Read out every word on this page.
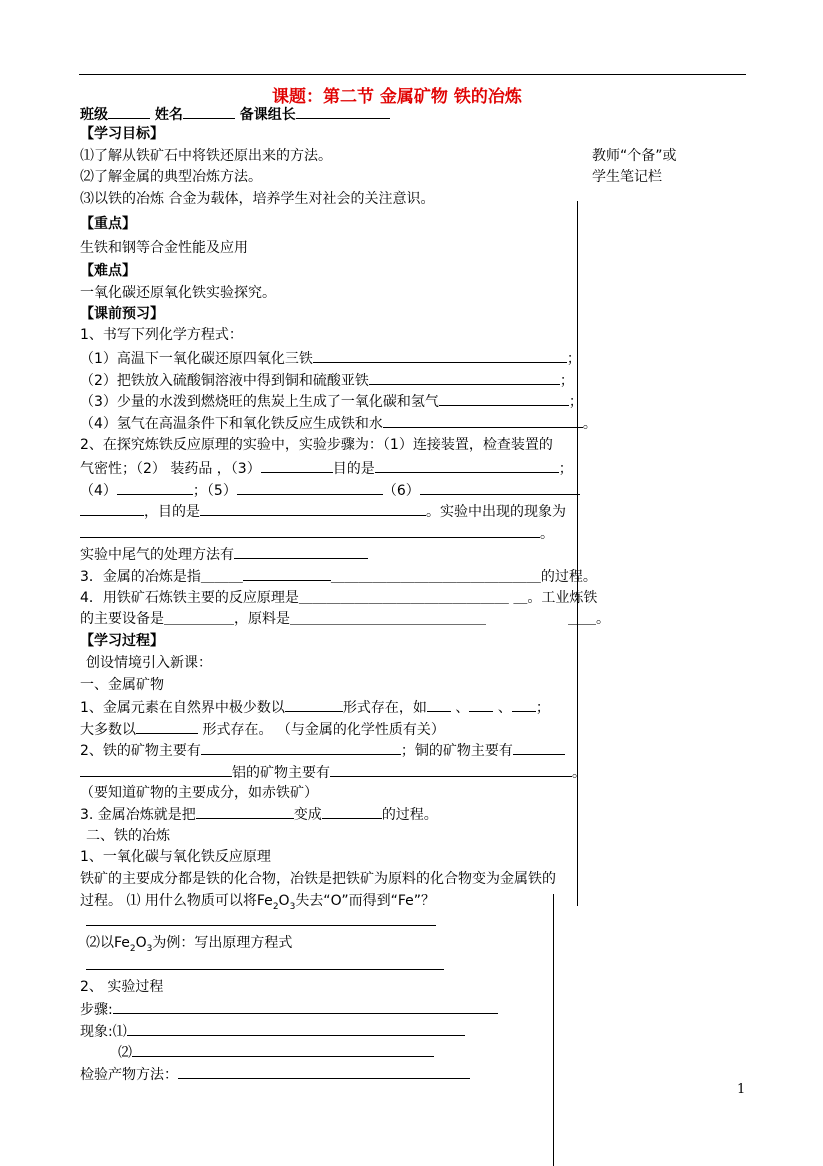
课题：第二节 金属矿物 铁的冶炼
班级	姓名	备课组长
教师“个备”或
学生笔记栏
【学习目标】
⑴了解从铁矿石中将铁还原出来的方法。
⑵了解金属的典型冶炼方法。
⑶以铁的冶炼 合金为载体，培养学生对社会的关注意识。
【重点】
生铁和钢等合金性能及应用
【难点】
一氧化碳还原氧化铁实验探究。
【课前预习】
1、书写下列化学方程式：
（1）高温下一氧化碳还原四氧化三铁	；
（2）把铁放入硫酸铜溶液中得到铜和硫酸亚铁	；
（3）少量的水泼到燃烧旺的焦炭上生成了一氧化碳和氢气	；
（4）氢气在高温条件下和氧化铁反应生成铁和水	。
2、在探究炼铁反应原理的实验中，实验步骤为：（1）连接装置，检查装置的
气密性；（2） 装药品 ，（3）	目的是	；
（4）	；（5）	（6）
，目的是	。实验中出现的现象为
。
实验中尾气的处理方法有
3．金属的冶炼是指＿＿＿	＿＿＿＿＿＿＿＿＿＿＿＿＿＿＿的过程。
4．用铁矿石炼铁主要的反应原理是＿＿＿＿＿＿＿＿＿＿＿＿＿＿＿ ＿。工业炼铁
的主要设备是＿＿＿＿＿，原料是＿＿＿＿＿＿＿＿＿＿＿＿＿＿	＿＿。
【学习过程】
创设情境引入新课：
一、金属矿物
1、金属元素在自然界中极少数以	形式存在，如 、 、 ；
大多数以	形式存在。 （与金属的化学性质有关）
2、铁的矿物主要有	；铜的矿物主要有
铝的矿物主要有	。
（要知道矿物的主要成分，如赤铁矿）
3. 金属冶炼就是把	变成	的过程。
二、铁的冶炼
1、一氧化碳与氧化铁反应原理
铁矿的主要成分都是铁的化合物，冶铁是把铁矿为原料的化合物变为金属铁的
过程。 ⑴ 用什么物质可以将$Fe_2O_3$失去“O”而得到“Fe”？
⑵以$Fe_2O_3$为例：写出原理方程式
2、 实验过程
步骤:
现象:⑴
⑵
检验产物方法：
1
